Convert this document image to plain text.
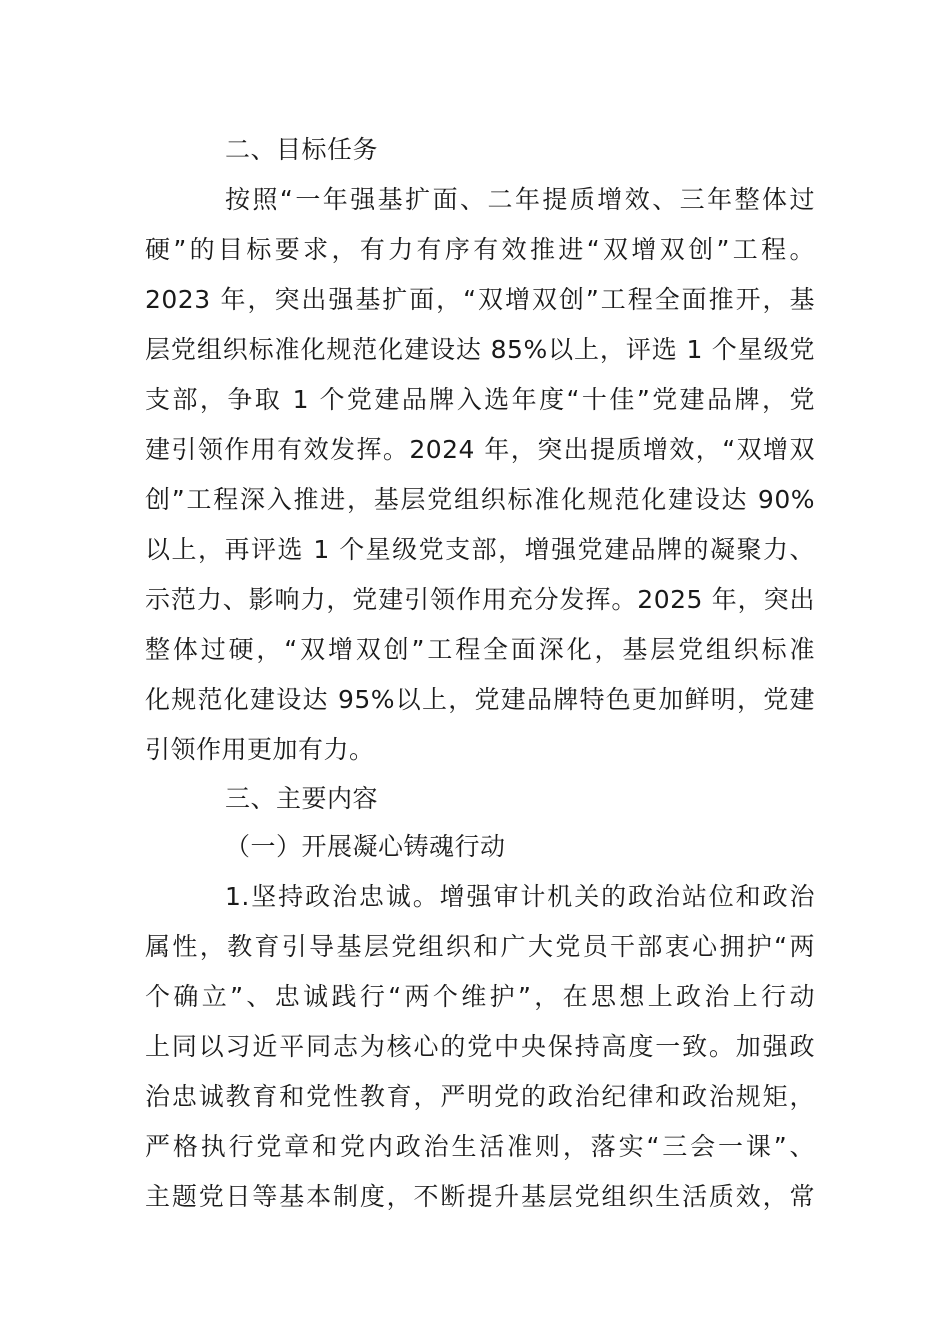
二、目标任务
按照“一年强基扩面、二年提质增效、三年整体过
硬”的目标要求，有力有序有效推进“双增双创”工程。
2023 年，突出强基扩面，“双增双创”工程全面推开，基
层党组织标准化规范化建设达 85%以上，评选 1 个星级党
支部，争取 1 个党建品牌入选年度“十佳”党建品牌，党
建引领作用有效发挥。2024 年，突出提质增效，“双增双
创”工程深入推进，基层党组织标准化规范化建设达 90%
以上，再评选 1 个星级党支部，增强党建品牌的凝聚力、
示范力、影响力，党建引领作用充分发挥。2025 年，突出
整体过硬，“双增双创”工程全面深化，基层党组织标准
化规范化建设达 95%以上，党建品牌特色更加鲜明，党建
引领作用更加有力。
三、主要内容
（一）开展凝心铸魂行动
1.坚持政治忠诚。增强审计机关的政治站位和政治
属性，教育引导基层党组织和广大党员干部衷心拥护“两
个确立”、忠诚践行“两个维护”，在思想上政治上行动
上同以习近平同志为核心的党中央保持高度一致。加强政
治忠诚教育和党性教育，严明党的政治纪律和政治规矩，
严格执行党章和党内政治生活准则，落实“三会一课”、
主题党日等基本制度，不断提升基层党组织生活质效，常
